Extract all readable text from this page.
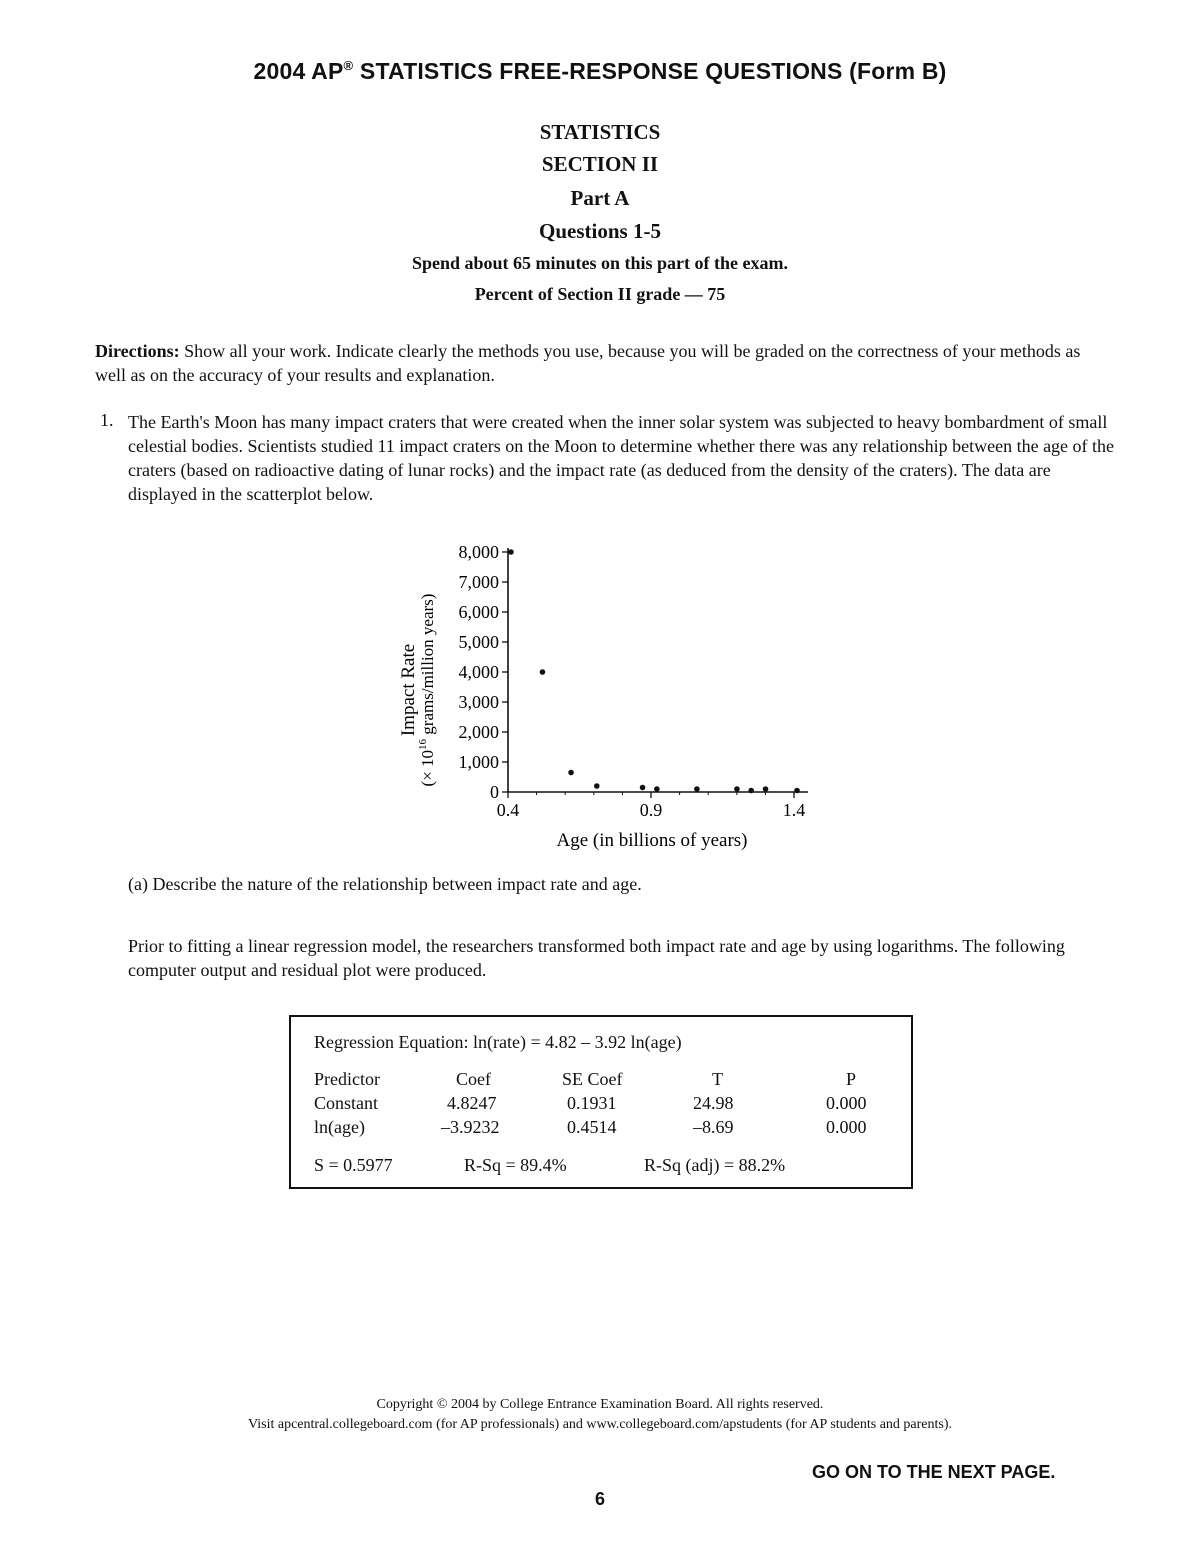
2004 AP® STATISTICS FREE-RESPONSE QUESTIONS (Form B)
STATISTICS
SECTION II
Part A
Questions 1-5
Spend about 65 minutes on this part of the exam.
Percent of Section II grade — 75
Directions: Show all your work. Indicate clearly the methods you use, because you will be graded on the correctness of your methods as well as on the accuracy of your results and explanation.
1. The Earth's Moon has many impact craters that were created when the inner solar system was subjected to heavy bombardment of small celestial bodies. Scientists studied 11 impact craters on the Moon to determine whether there was any relationship between the age of the craters (based on radioactive dating of lunar rocks) and the impact rate (as deduced from the density of the craters). The data are displayed in the scatterplot below.
0
1,000
2,000
3,000
4,000
5,000
6,000
7,000
8,000
0.4	0.9	1.4
Age (in billions of years)
Impact Rate
(× $10^{16}$ grams/million years)
(a) Describe the nature of the relationship between impact rate and age.
Prior to fitting a linear regression model, the researchers transformed both impact rate and age by using logarithms. The following computer output and residual plot were produced.
Regression Equation: ln(rate) = 4.82 – 3.92 ln(age)
Predictor	Coef	SE Coef	T	P
Constant	4.8247	0.1931	24.98	0.000
ln(age)	–3.9232	0.4514	–8.69	0.000
S = 0.5977	R-Sq = 89.4%	R-Sq (adj) = 88.2%
Copyright © 2004 by College Entrance Examination Board. All rights reserved.
Visit apcentral.collegeboard.com (for AP professionals) and www.collegeboard.com/apstudents (for AP students and parents).
GO ON TO THE NEXT PAGE.
6
